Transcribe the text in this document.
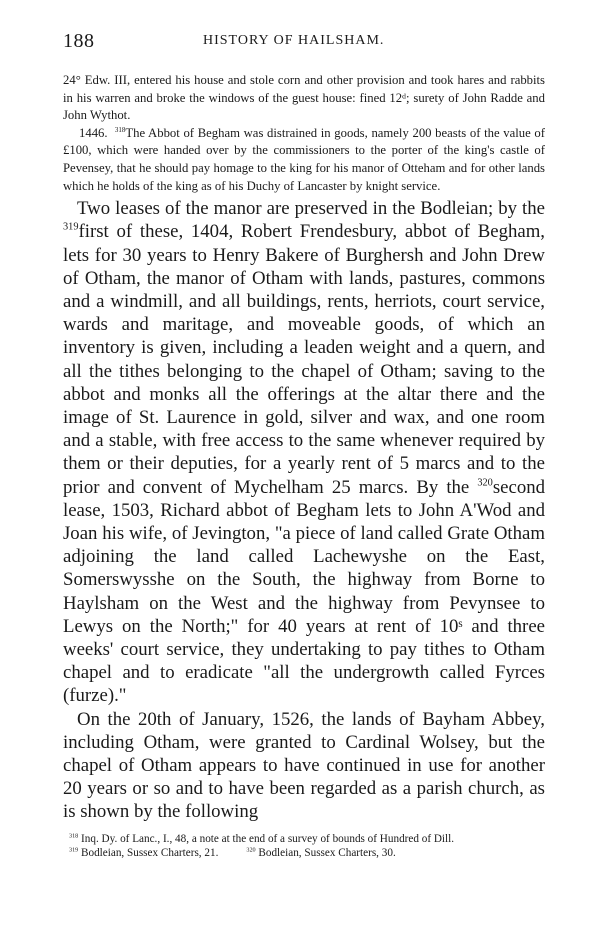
188	HISTORY OF HAILSHAM.

24° Edw. III, entered his house and stole corn and other provision and took hares and rabbits in his warren and broke the windows of the guest house: fined 12ᵈ; surety of John Radde and John Wythot.

1446. $^{318}$The Abbot of Begham was distrained in goods, namely 200 beasts of the value of £100, which were handed over by the commissioners to the porter of the king's castle of Pevensey, that he should pay homage to the king for his manor of Otteham and for other lands which he holds of the king as of his Duchy of Lancaster by knight service.

Two leases of the manor are preserved in the Bodleian; by the $^{319}$first of these, 1404, Robert Frendesbury, abbot of Begham, lets for 30 years to Henry Bakere of Burghersh and John Drew of Otham, the manor of Otham with lands, pastures, commons and a windmill, and all buildings, rents, herriots, court service, wards and maritage, and moveable goods, of which an inventory is given, including a leaden weight and a quern, and all the tithes belonging to the chapel of Otham; saving to the abbot and monks all the offerings at the altar there and the image of St. Laurence in gold, silver and wax, and one room and a stable, with free access to the same whenever required by them or their deputies, for a yearly rent of 5 marcs and to the prior and convent of Mychelham 25 marcs. By the $^{320}$second lease, 1503, Richard abbot of Begham lets to John A'Wod and Joan his wife, of Jevington, "a piece of land called Grate Otham adjoining the land called Lachewyshe on the East, Somerswysshe on the South, the highway from Borne to Haylsham on the West and the highway from Pevynsee to Lewys on the North;" for 40 years at rent of 10ˢ and three weeks' court service, they undertaking to pay tithes to Otham chapel and to eradicate "all the undergrowth called Fyrces (furze)."

On the 20th of January, 1526, the lands of Bayham Abbey, including Otham, were granted to Cardinal Wolsey, but the chapel of Otham appears to have continued in use for another 20 years or so and to have been regarded as a parish church, as is shown by the following

$^{318}$ Inq. Dy. of Lanc., I., 48, a note at the end of a survey of bounds of Hundred of Dill.

$^{319}$ Bodleian, Sussex Charters, 21.	$^{320}$ Bodleian, Sussex Charters, 30.
